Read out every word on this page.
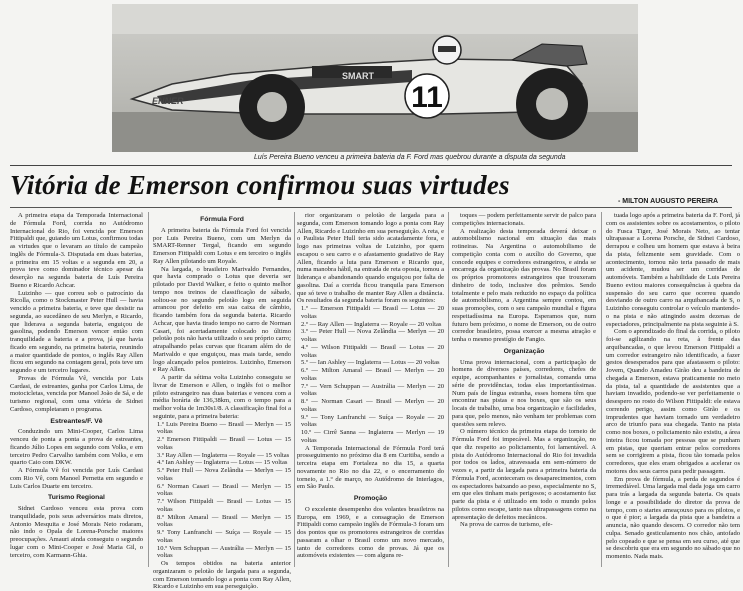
11
SMART
ENNER
Luís Pereira Bueno venceu a primeira bateria da F. Ford mas quebrou durante a disputa da segunda
Vitória de Emerson confirmou suas virtudes
- MILTON AUGUSTO PEREIRA

A primeira etapa da Temporada Internacional de Fórmula Ford, corrida no Autódromo Internacional do Rio, foi vencida por Emerson Fittipaldi que, guiando um Lotus, confirmou todas as virtudes que o levaram ao título de campeão inglês de Fórmula-3. Disputada em duas baterias, a primeira em 15 voltas e a segunda em 20, a prova teve como dominador técnico apesar da deserção na segunda bateria de Luís Pereira Bueno e Ricardo Achcar.

Luizinho — que correu sob o patrocínio da Ricolla, como o Stockmaster Peter Hull — havia vencido a primeira bateria, e teve que desistir na segunda, ao sucedâneo de seu Merlyn, e Ricardo, que liderava a segunda bateria, enguiçou de gasolina, podendo Emerson vencer então com tranquilidade a bateria e a prova, já que havia ficado em segundo, na primeira bateria, reunindo a maior quantidade de pontos, o inglês Ray Allen ficou em segundo na contagem geral, pois teve um segundo e um terceiro lugares.

Provas de Fórmula Vê, vencida por Luis Cardasi, de estreantes, ganha por Carlos Lima, de motocicletas, vencida por Manoel João de Sá, e de turismo regional, com uma vitória de Sidnei Cardoso, completaram o programa.

Estreantes/F. Vê

Conduzindo um Mini-Cooper, Carlos Lima venceu de ponta a ponta a prova de estreantes, ficando Júlio Lopes em segundo com Volks, e em terceiro Pedro Carvalho também com Volks, e em quarto Caio com DKW.

A Fórmula Vê foi vencida por Luís Cardasi com Rio Vê, com Manoel Pernetta em segundo e Luis Carlos Duarte em terceiro.

Turismo Regional

Sidnei Cardoso venceu esta prova com tranquilidade, pois seus adversários mais diretos, Antonio Mesquita e José Morais Neto rodaram, não indo o Opala de Lorena-Porsche maiores preocupações. Amauri ainda conseguiu o segundo lugar com o Mini-Cooper e José Maria Gil, o terceiro, com Karmann-Ghia.

Fórmula Ford

A primeira bateria da Fórmula Ford foi vencida por Luis Pereira Bueno, com um Merlyn da SMART-Renner Tergal, ficando em segundo Emerson Fittipaldi com Lotus e em terceiro o inglês Ray Allen pilotando um Royale.

Na largada, o brasileiro Marivaldo Fernandes, que havia comprado o Lotus que deveria ser pilotado por David Walker, e feito o quinto melhor tempo nos treinos de classificação de sábado, soltou-se no segundo pelotão logo em seguida arrancou por defeito em sua caixa de câmbio, ficando também fora da segunda bateria. Ricardo Achcar, que havia tirado tempo no carro de Norman Casari, foi acertadamente colocado no último pelotão pois não havia utilizado o seu próprio carro; atrapalhando pelas curvas que ficaram além do de Marivaldo e que enguiçou, mas mais tarde, sendo logo alcançado pelos ponteiros. Luizinho, Emerson e Ray Allen.

A partir da sétima volta Luizinho conseguiu se livrar de Emerson e Allen, o inglês foi o melhor piloto estrangeiro nas duas baterias e venceu com a média horária de 136,38km, com o tempo para a melhor volta de 1m30s1/8. A classificação final foi a seguinte, para a primeira bateria:

1.º Luis Pereira Bueno — Brasil — Merlyn — 15 voltas

2.º Emerson Fittipaldi — Brasil — Lotus — 15 voltas

3.º Ray Allen — Inglaterra — Royale — 15 voltas

4.º Ian Ashley — Inglaterra — Lotus — 15 voltas

5.º Peter Hull — Nova Zelândia — Merlyn — 15 voltas

6.º Norman Casari — Brasil — Merlyn — 15 voltas

7.º Wilson Fittipaldi — Brasil — Lotus — 15 voltas

8.º Milton Amaral — Brasil — Merlyn — 15 voltas

9.º Tony Lanfranchi — Suíça — Royale — 15 voltas

10.º Vern Schuppan — Austrália — Merlyn — 15 voltas

Os tempos obtidos na bateria anterior organizaram o pelotão de largada para a segunda, com Emerson tomando logo a ponta com Ray Allen, Ricardo e Luizinho em sua perseguição.

rior organizaram o pelotão de largada para a segunda, com Emerson tomando logo a ponta com Ray Allen, Ricardo e Luizinho em sua perseguição. A reta, e o Paulista Peter Hull teria sido acatadamente fora, e logo nas primeiras voltas de Luizinho, por quem escapou o seu carro e o afastamento gradativo de Ray Allen, ficando a luta para Emerson e Ricardo que, numa manobra hábil, na entrada de reta oposta, tomou a liderança e abandonando quando enguiçou por falta de gasolina. Daí a corrida ficou tranquila para Emerson que só teve o trabalho de manter Ray Allen a distância. Os resultados da segunda bateria foram os seguintes:

1.º — Emerson Fittipaldi — Brasil — Lotus — 20 voltas

2.º — Ray Allen — Inglaterra — Royale — 20 voltas

3.º — Peter Hull — Nova Zelândia — Merlyn — 20 voltas

4.º — Wilson Fittipaldi — Brasil — Lotus — 20 voltas

5.º — Ian Ashley — Inglaterra — Lotus — 20 voltas

6.º — Milton Amaral — Brasil — Merlyn — 20 voltas

7.º — Vern Schuppan — Austrália — Merlyn — 20 voltas

8.º — Norman Casari — Brasil — Merlyn — 20 voltas

9.º — Tony Lanfranchi — Suíça — Royale — 20 voltas

10.º — Cirrê Sanna — Inglaterra — Merlyn — 19 voltas

A Temporada Internacional de Fórmula Ford terá prosseguimento no próximo dia 8 em Curitiba, sendo a terceira etapa em Fortaleza no dia 15, a quarta novamente no Rio no dia 22, e o encerramento do torneio, a 1.º de março, no Autódromo de Interlagos, em São Paulo.

Promoção

O excelente desempenho dos volantes brasileiros na Europa, em 1969, e a consagração de Emerson Fittipaldi como campeão inglês de Fórmula-3 foram um dos pontos que os promotores estrangeiros de corridas passaram a olhar o Brasil como um novo mercado, tanto de corredores como de provas. Já que os automóveis existentes — com alguns re-

toques — podem perfeitamente servir de palco para competições internacionais.

A realização desta temporada deverá deixar o automobilismo nacional em situação das mais rotineiras. Na Argentina o automobilismo de competição conta com o auxílio do Governo, que concede equipes e corredores estrangeiros, e ainda se encarrega da organização das provas. No Brasil foram os próprios promotores estrangeiros que trouxeram dinheiro de todo, inclusive dos prêmios. Sendo totalmente e pelo mais reduzido no espaço da política de automobilismo, a Argentina sempre contou, em suas promoções, com o seu campeão mundial e figura respeitadíssima na Europa. Esperamos que, num futuro bem próximo, o nome de Emerson, ou de outro corredor brasileiro, possa exercer a mesma atração e tenha o mesmo prestígio de Fangio.

Organização

Uma prova internacional, com a participação de homens de diversos países, corredores, chefes de equipe, acompanhantes e jornalistas, comanda uma série de providências, todas elas importantíssimas. Num país de língua estranha, esses homens têm que encontrar nas pistas e nos boxes, que são os seus locais de trabalho, uma boa organização e facilidades, para que, pelo menos, não venham ter problemas com questões sem relevo.

O número técnico da primeira etapa do torneio de Fórmula Ford foi impecável. Mas a organização, no que diz respeito ao policiamento, foi lamentável. A pista do Autódromo Internacional do Rio foi invadida por todos os lados, atravessada em sem-número de vezes e, a partir da largada para a primeira bateria da Fórmula Ford, aconteceram os desaparecimentos, com os espectadores baixando ao peso, especialmente no S, em que eles tinham mais perigosos; o acostamento faz parte da pista e é utilizado em todo o mundo pelos pilotos como escape, tanto nas ultrapassagens como na apresentação de defeitos mecânicos.

Na prova de carros de turismo, efe-

tuada logo após a primeira bateria da F. Ford, já com os assistentes sobre os acostamentos, o piloto do Fusca Tiger, José Morais Neto, ao tentar ultrapassar a Lorena Porsche, de Sidnei Cardoso, derrapou e colheu um homem que estava à beira da pista, felizmente sem gravidade. Com o acontecimento, tornou não teria passado de mais um acidente, mudou ser um corridas de automóveis. Também a habilidade de Luis Pereira Bueno evitou maiores consequências à quebra da suspensão do seu carro que ocorreu quando desviando de outro carro na arquibancada de S, o Luizinho conseguiu controlar o veículo mantendo-o na pista e não atingindo assim dezenas de espectadores, principalmente na pista seguinte à S.

Com o aprendizado do final da corrida, o piloto foi-se agilizando na reta, à frente das arquibancadas, o que levou Emerson Fittipaldi a um corredor estrangeiro não identificado, a fazer gestos desesperados para que afastassem o piloto: Jovem, Quando Amadeu Girão deu a bandeira de chegada a Emerson, estava praticamente no meio da pista, tal a quantidade de assistentes que a haviam invadido, podendo-se ver perfeitamente o desespero no rosto do Wilson Fittipaldi: ele estava correndo perigo, assim como Girão e os imprudentes que haviam tornado um verdadeiro arco de triunfo para sua chegada. Tanto na pista como nos boxes, o policiamento não existiu, a área inteira ficou tomada por pessoas que se punham em pistas, que queriam entrar pelos corredores sem se corrigirem a pista, ficou tão tomada pelos corredores, que eles eram obrigados a acelerar os motores dos seus carros para pedir passagem.

Em prova de fórmula, a perda de segundos é irremediável. Uma largada mal dada joga um carro para trás a largada da segunda bateria. Os quais longe e a possibilidade do diretor da prova de tempo, com o startes ameaçouxo para os pilotos, e o que é pior; a largada da pista que a bandeira a anuncia, não quando descem. O corredor não tem culpa. Senado gesticulamento nos chão, antofado pelo copeado e que se pensa em seu curso, até que se descobriu que era em segundo no sábado que no momento. Nada mais.
